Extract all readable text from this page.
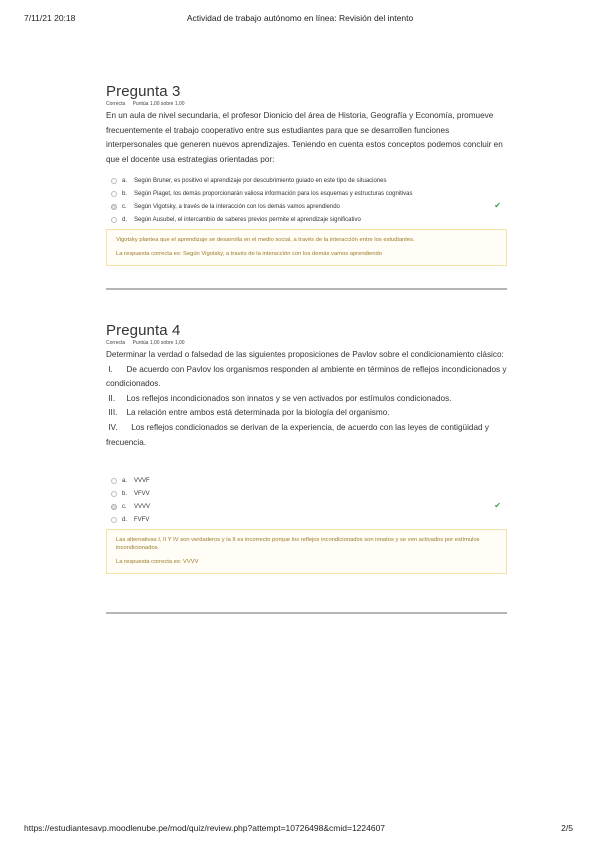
7/11/21 20:18	Actividad de trabajo autónomo en línea: Revisión del intento
Pregunta 3
Correcta Puntúa 1,00 sobre 1,00
En un aula de nivel secundaria, el profesor Dionicio del área de Historia, Geografía y Economía, promueve frecuentemente el trabajo cooperativo entre sus estudiantes para que se desarrollen funciones interpersonales que generen nuevos aprendizajes. Teniendo en cuenta estos conceptos podemos concluir en que el docente usa estrategias orientadas por:
a.	Según Bruner, es positivo el aprendizaje por descubrimiento guiado en este tipo de situaciones
b.	Según Piaget, los demás proporcionarán valiosa información para los esquemas y estructuras cognitivas
c.	Según Vigotsky, a través de la interacción con los demás vamos aprendiendo	✔
d.	Según Ausubel, el intercambio de saberes previos permite el aprendizaje significativo
Vigotsky plantea que el aprendizaje se desarrolla en el medio social, a través de la interacción entre los estudiantes.
La respuesta correcta es: Según Vigotsky, a través de la interacción con los demás vamos aprendiendo
Pregunta 4
Correcta Puntúa 1,00 sobre 1,00

Determinar la verdad o falsedad de las siguientes proposiciones de Pavlov sobre el condicionamiento clásico:

I.      De acuerdo con Pavlov los organismos responden al ambiente en términos de reflejos incondicionados y condicionados.

II.     Los reflejos incondicionados son innatos y se ven activados por estímulos condicionados.

III.    La relación entre ambos está determinada por la biología del organismo.

IV.      Los reflejos condicionados se derivan de la experiencia, de acuerdo con las leyes de contigüidad y frecuencia.

a.	VVVF
b.	VFVV
c.	VVVV	✔
d.	FVFV
Las alternativas I, II Y IV son verdaderos y la II es incorrecto porque los reflejos incondicionados son innatos y se ven activados por estímulos incondicionados.
La respuesta correcta es: VVVV
https://estudiantesavp.moodlenube.pe/mod/quiz/review.php?attempt=10726498&cmid=1224607	2/5
